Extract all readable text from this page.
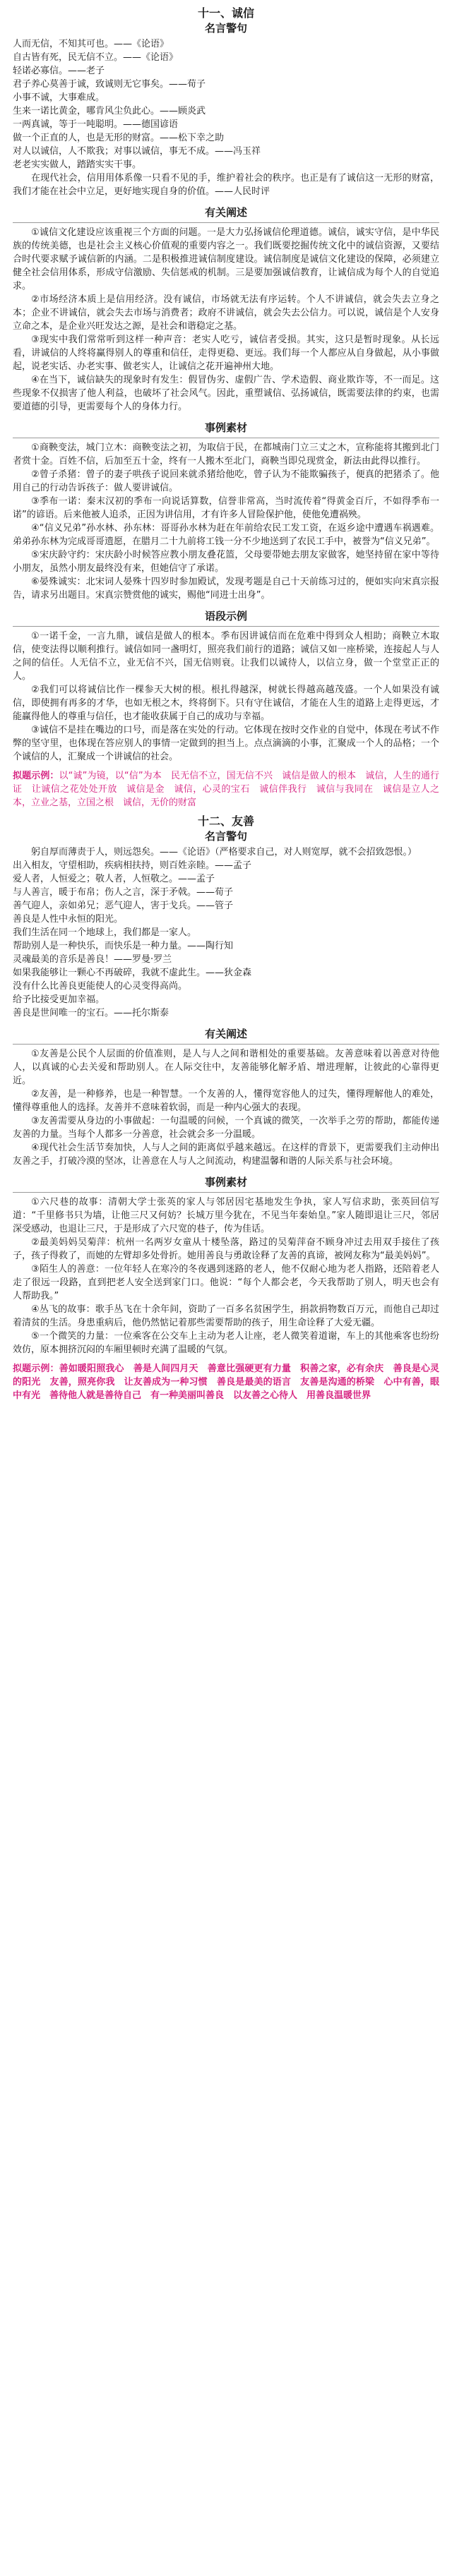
十一、诚信
名言警句

人而无信，不知其可也。——《论语》

自古皆有死，民无信不立。——《论语》

轻诺必寡信。——老子

君子养心莫善于诚，致诚则无它事矣。——荀子

小事不诚，大事难成。

生来一诺比黄金，哪肯风尘负此心。——顾炎武

一两真诚，等于一吨聪明。——德国谚语

做一个正直的人，也是无形的财富。——松下幸之助

对人以诚信，人不欺我；对事以诚信，事无不成。——冯玉祥

老老实实做人，踏踏实实干事。

在现代社会，信用用体系像一只看不见的手，维护着社会的秩序。也正是有了诚信这一无形的财富，我们才能在社会中立足，更好地实现自身的价值。——人民时评

有关阐述

①诚信文化建设应该重视三个方面的问题。一是大力弘扬诚信伦理道德。诚信，诚实守信，是中华民族的传统美德，也是社会主义核心价值观的重要内容之一。我们既要挖掘传统文化中的诚信资源，又要结合时代要求赋予诚信新的内涵。二是积极推进诚信制度建设。诚信制度是诚信文化建设的保障，必须建立健全社会信用体系，形成守信激励、失信惩戒的机制。三是要加强诚信教育，让诚信成为每个人的自觉追求。

②市场经济本质上是信用经济。没有诚信，市场就无法有序运转。个人不讲诚信，就会失去立身之本；企业不讲诚信，就会失去市场与消费者；政府不讲诚信，就会失去公信力。可以说，诚信是个人安身立命之本，是企业兴旺发达之源，是社会和谐稳定之基。

③现实中我们常常听到这样一种声音：老实人吃亏，诚信者受损。其实，这只是暂时现象。从长远看，讲诚信的人终将赢得别人的尊重和信任，走得更稳、更远。我们每一个人都应从自身做起，从小事做起，说老实话、办老实事、做老实人，让诚信之花开遍神州大地。

④在当下，诚信缺失的现象时有发生：假冒伪劣、虚假广告、学术造假、商业欺诈等，不一而足。这些现象不仅损害了他人利益，也破坏了社会风气。因此，重塑诚信、弘扬诚信，既需要法律的约束，也需要道德的引导，更需要每个人的身体力行。

事例素材

①商鞅变法，城门立木：商鞅变法之初，为取信于民，在都城南门立三丈之木，宣称能将其搬到北门者赏十金。百姓不信，后加至五十金，终有一人搬木至北门，商鞅当即兑现赏金，新法由此得以推行。

②曾子杀猪：曾子的妻子哄孩子说回来就杀猪给他吃，曾子认为不能欺骗孩子，便真的把猪杀了。他用自己的行动告诉孩子：做人要讲诚信。

③季布一诺：秦末汉初的季布一向说话算数，信誉非常高，当时流传着“得黄金百斤，不如得季布一诺”的谚语。后来他被人追杀，正因为讲信用，才有许多人冒险保护他，使他免遭祸殃。

④“信义兄弟”孙水林、孙东林：哥哥孙水林为赶在年前给农民工发工资，在返乡途中遭遇车祸遇难。弟弟孙东林为完成哥哥遗愿，在腊月二十九前将工钱一分不少地送到了农民工手中，被誉为“信义兄弟”。

⑤宋庆龄守约：宋庆龄小时候答应教小朋友叠花篮，父母要带她去朋友家做客，她坚持留在家中等待小朋友，虽然小朋友最终没有来，但她信守了承诺。

⑥晏殊诚实：北宋词人晏殊十四岁时参加殿试，发现考题是自己十天前练习过的，便如实向宋真宗报告，请求另出题目。宋真宗赞赏他的诚实，赐他“同进士出身”。

语段示例

①一诺千金，一言九鼎，诚信是做人的根本。季布因讲诚信而在危难中得到众人相助；商鞅立木取信，使变法得以顺利推行。诚信如同一盏明灯，照亮我们前行的道路；诚信又如一座桥梁，连接起人与人之间的信任。人无信不立，业无信不兴，国无信则衰。让我们以诚待人，以信立身，做一个堂堂正正的人。

②我们可以将诚信比作一棵参天大树的根。根扎得越深，树就长得越高越茂盛。一个人如果没有诚信，即使拥有再多的才华，也如无根之木，终将倒下。只有守住诚信，才能在人生的道路上走得更远，才能赢得他人的尊重与信任，也才能收获属于自己的成功与幸福。

③诚信不是挂在嘴边的口号，而是落在实处的行动。它体现在按时交作业的自觉中，体现在考试不作弊的坚守里，也体现在答应别人的事情一定做到的担当上。点点滴滴的小事，汇聚成一个人的品格；一个个诚信的人，汇聚成一个讲诚信的社会。

拟题示例：以“诚”为镜，以“信”为本　民无信不立，国无信不兴　诚信是做人的根本　诚信，人生的通行证　让诚信之花处处开放　诚信是金　诚信，心灵的宝石　诚信伴我行　诚信与我同在　诚信是立人之本，立业之基，立国之根　诚信，无价的财富

十二、友善
名言警句

躬自厚而薄责于人，则远怨矣。——《论语》（严格要求自己，对人则宽厚，就不会招致怨恨。）

出入相友，守望相助，疾病相扶持，则百姓亲睦。——孟子

爱人者，人恒爱之；敬人者，人恒敬之。——孟子

与人善言，暖于布帛；伤人之言，深于矛戟。——荀子

善气迎人，亲如弟兄；恶气迎人，害于戈兵。——管子

善良是人性中永恒的阳光。

我们生活在同一个地球上，我们都是一家人。

帮助别人是一种快乐，而快乐是一种力量。——陶行知

灵魂最美的音乐是善良！——罗曼·罗兰

如果我能够让一颗心不再破碎，我就不虚此生。——狄金森

没有什么比善良更能使人的心灵变得高尚。

给予比接受更加幸福。

善良是世间唯一的宝石。——托尔斯泰

有关阐述

①友善是公民个人层面的价值准则，是人与人之间和谐相处的重要基础。友善意味着以善意对待他人，以真诚的心去关爱和帮助别人。在人际交往中，友善能够化解矛盾、增进理解，让彼此的心靠得更近。

②友善，是一种修养，也是一种智慧。一个友善的人，懂得宽容他人的过失，懂得理解他人的难处，懂得尊重他人的选择。友善并不意味着软弱，而是一种内心强大的表现。

③友善需要从身边的小事做起：一句温暖的问候，一个真诚的微笑，一次举手之劳的帮助，都能传递友善的力量。当每个人都多一分善意，社会就会多一分温暖。

④现代社会生活节奏加快，人与人之间的距离似乎越来越远。在这样的背景下，更需要我们主动伸出友善之手，打破冷漠的坚冰，让善意在人与人之间流动，构建温馨和谐的人际关系与社会环境。

事例素材

①六尺巷的故事：清朝大学士张英的家人与邻居因宅基地发生争执，家人写信求助，张英回信写道：“千里修书只为墙，让他三尺又何妨？长城万里今犹在，不见当年秦始皇。”家人随即退让三尺，邻居深受感动，也退让三尺，于是形成了六尺宽的巷子，传为佳话。

②最美妈妈吴菊萍：杭州一名两岁女童从十楼坠落，路过的吴菊萍奋不顾身冲过去用双手接住了孩子，孩子得救了，而她的左臂却多处骨折。她用善良与勇敢诠释了友善的真谛，被网友称为“最美妈妈”。

③陌生人的善意：一位年轻人在寒冷的冬夜遇到迷路的老人，他不仅耐心地为老人指路，还陪着老人走了很远一段路，直到把老人安全送到家门口。他说：“每个人都会老，今天我帮助了别人，明天也会有人帮助我。”

④丛飞的故事：歌手丛飞在十余年间，资助了一百多名贫困学生，捐款捐物数百万元，而他自己却过着清贫的生活。身患重病后，他仍然惦记着那些需要帮助的孩子，用生命诠释了大爱无疆。

⑤一个微笑的力量：一位乘客在公交车上主动为老人让座，老人微笑着道谢，车上的其他乘客也纷纷效仿，原本拥挤沉闷的车厢里顿时充满了温暖的气氛。

拟题示例：善如暖阳照我心　善是人间四月天　善意比强硬更有力量　积善之家，必有余庆　善良是心灵的阳光　友善，照亮你我　让友善成为一种习惯　善良是最美的语言　友善是沟通的桥梁　心中有善，眼中有光　善待他人就是善待自己　有一种美丽叫善良　以友善之心待人　用善良温暖世界
